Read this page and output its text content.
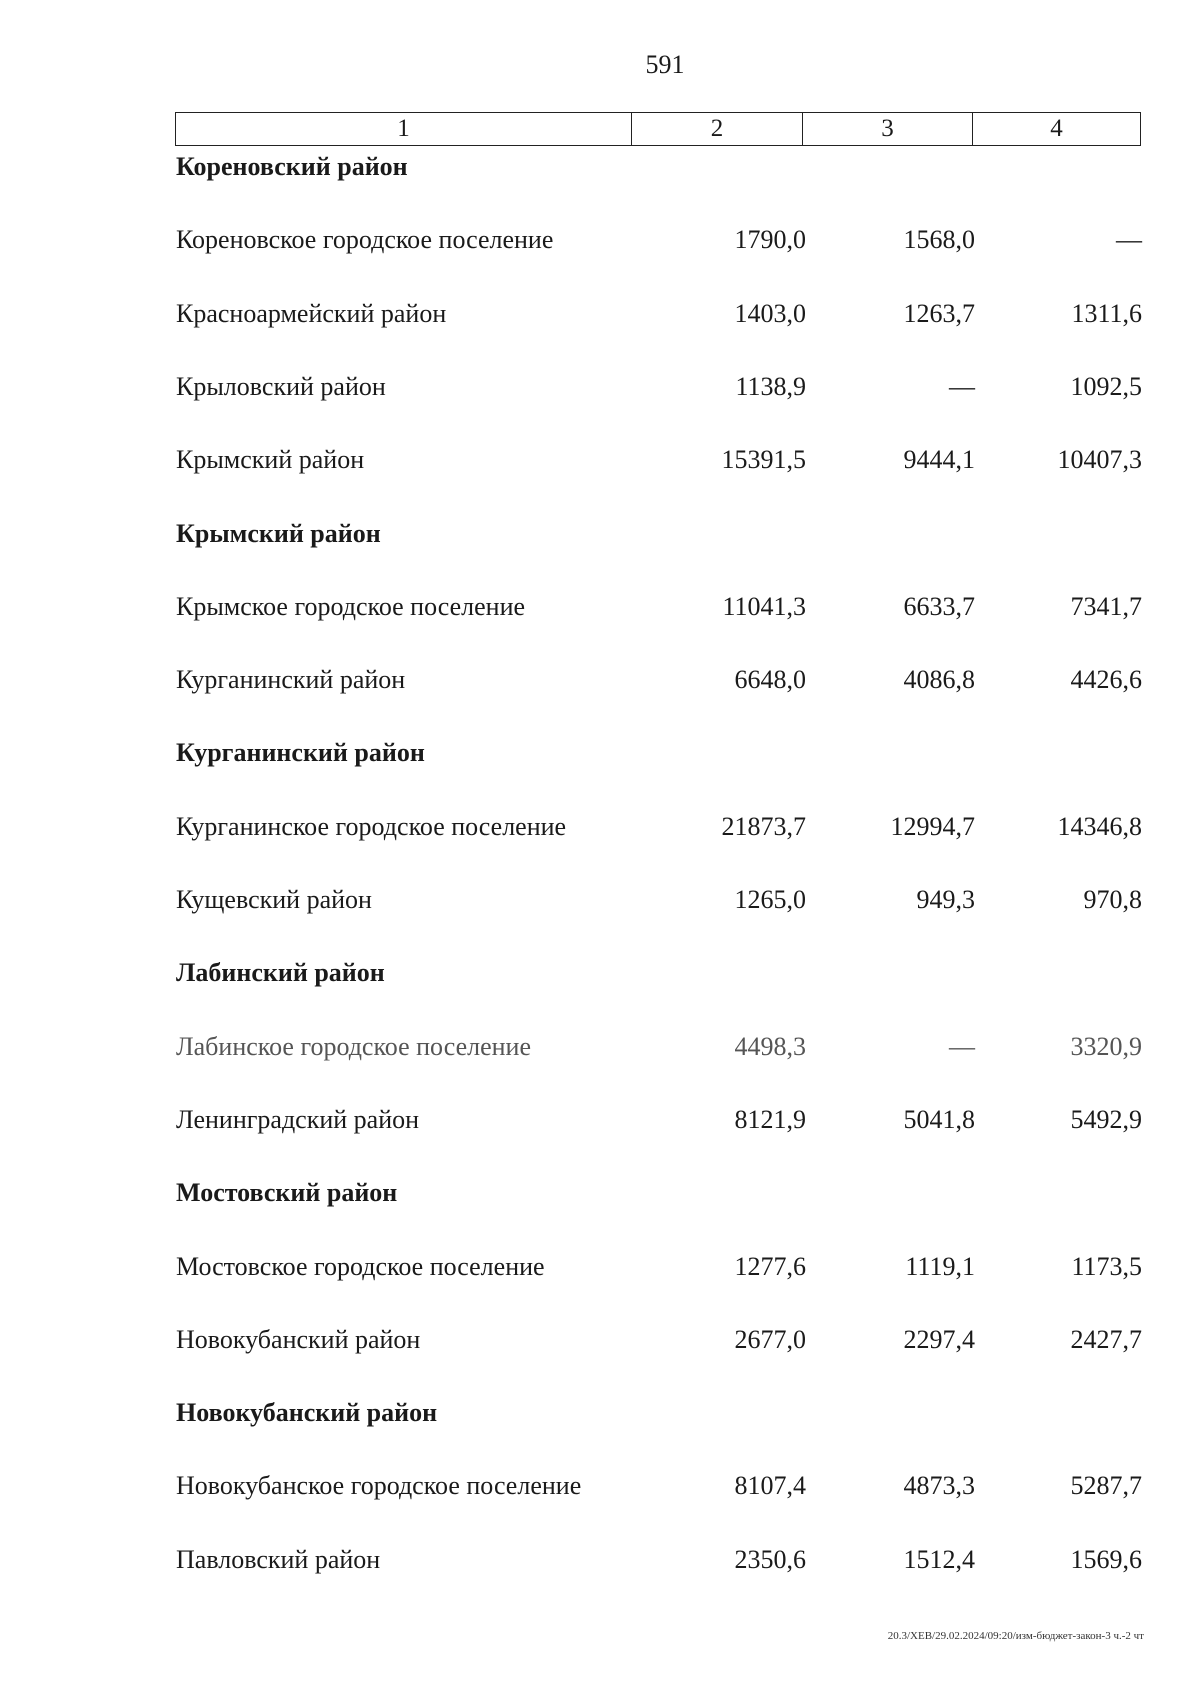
591
1	2	3	4
Кореновский район
Кореновское городское поселение	1790,0	1568,0	—
Красноармейский район	1403,0	1263,7	1311,6
Крыловский район	1138,9	—	1092,5
Крымский район	15391,5	9444,1	10407,3
Крымский район
Крымское городское поселение	11041,3	6633,7	7341,7
Курганинский район	6648,0	4086,8	4426,6
Курганинский район
Курганинское городское поселение	21873,7	12994,7	14346,8
Кущевский район	1265,0	949,3	970,8
Лабинский район
Лабинское городское поселение	4498,3	—	3320,9
Ленинградский район	8121,9	5041,8	5492,9
Мостовский район
Мостовское городское поселение	1277,6	1119,1	1173,5
Новокубанский район	2677,0	2297,4	2427,7
Новокубанский район
Новокубанское городское поселение	8107,4	4873,3	5287,7
Павловский район	2350,6	1512,4	1569,6
20.3/ХЕВ/29.02.2024/09:20/изм-бюджет-закон-3 ч.-2 чт
